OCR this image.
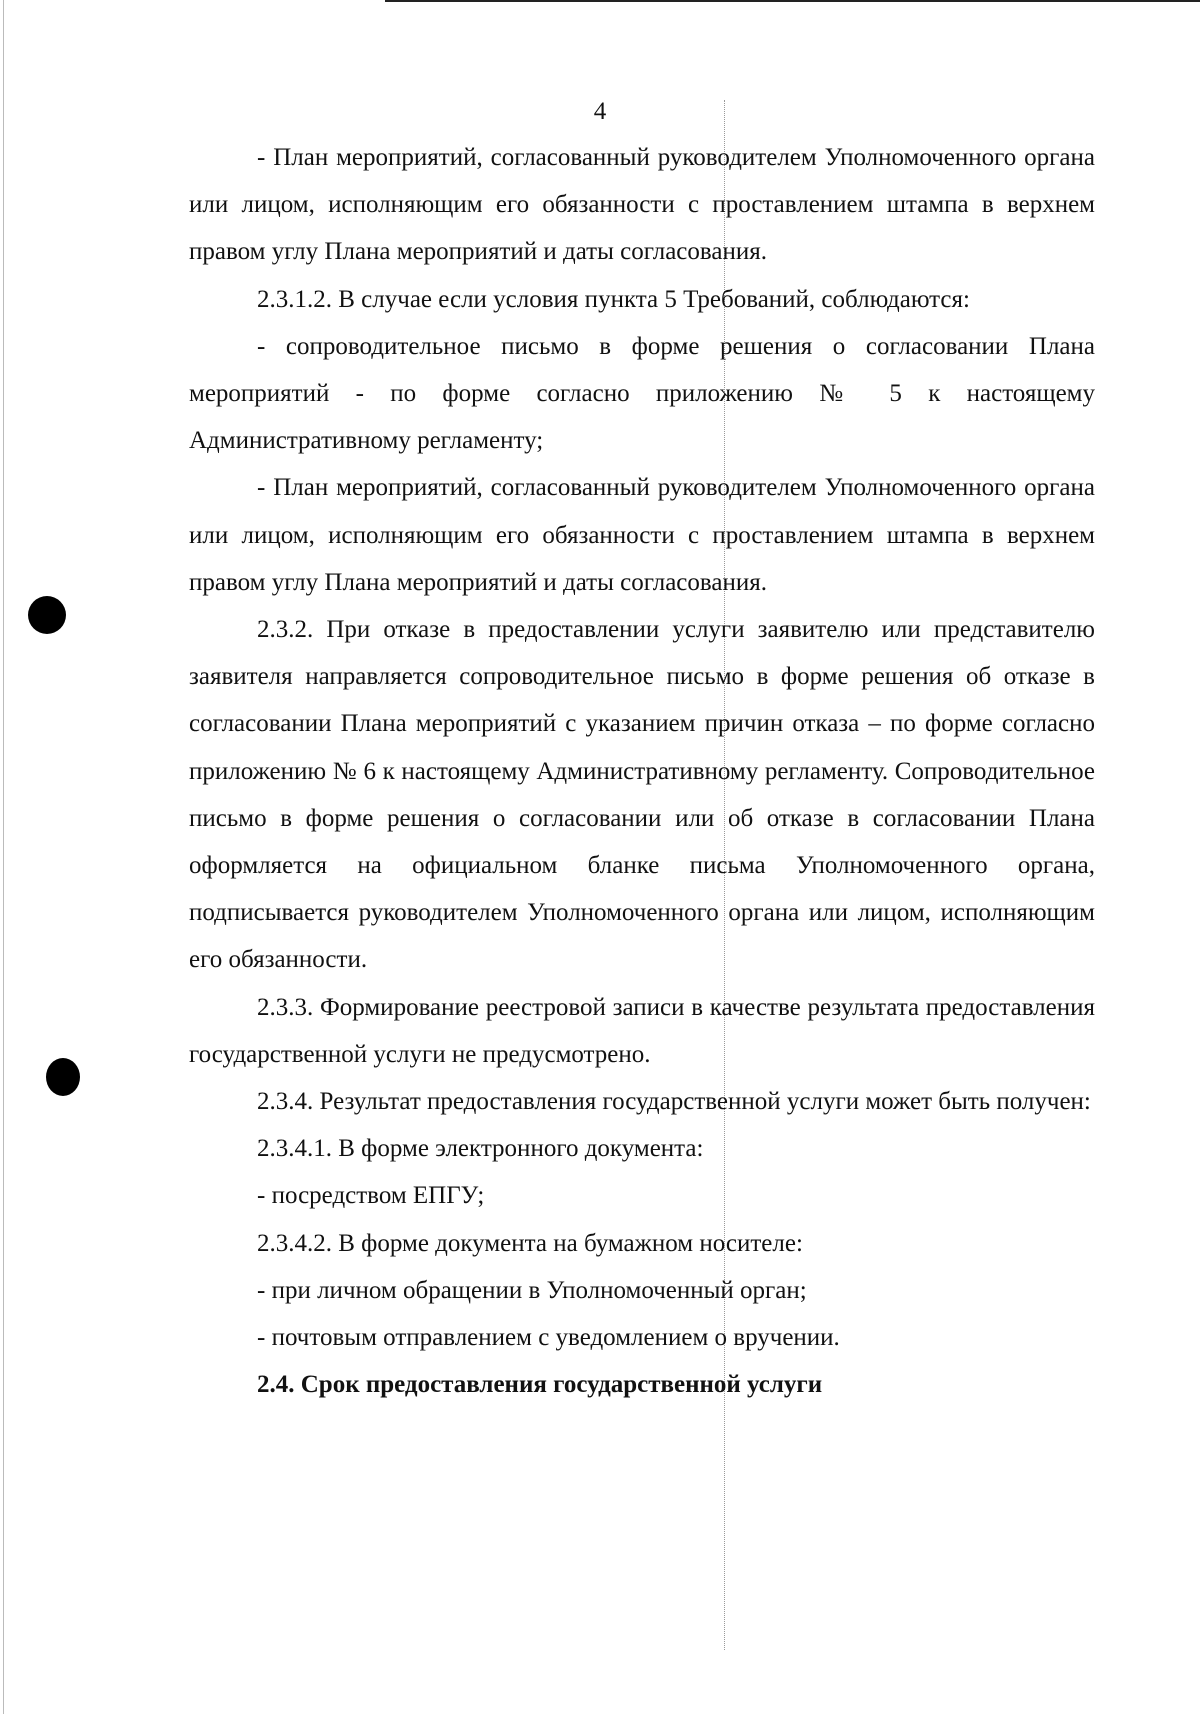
4

- План мероприятий, согласованный руководителем Уполномоченного органа или лицом, исполняющим его обязанности с проставлением штампа в верхнем правом углу Плана мероприятий и даты согласования.

2.3.1.2. В случае если условия пункта 5 Требований, соблюдаются:

- сопроводительное письмо в форме решения о согласовании Плана мероприятий - по форме согласно приложению № 5 к настоящему Административному регламенту;

- План мероприятий, согласованный руководителем Уполномоченного органа или лицом, исполняющим его обязанности с проставлением штампа в верхнем правом углу Плана мероприятий и даты согласования.

2.3.2. При отказе в предоставлении услуги заявителю или представителю заявителя направляется сопроводительное письмо в форме решения об отказе в согласовании Плана мероприятий с указанием причин отказа – по форме согласно приложению № 6 к настоящему Административному регламенту. Сопроводительное письмо в форме решения о согласовании или об отказе в согласовании Плана оформляется на официальном бланке письма Уполномоченного органа, подписывается руководителем Уполномоченного органа или лицом, исполняющим его обязанности.

2.3.3. Формирование реестровой записи в качестве результата предоставления государственной услуги не предусмотрено.

2.3.4. Результат предоставления государственной услуги может быть получен:

2.3.4.1. В форме электронного документа:

- посредством ЕПГУ;

2.3.4.2. В форме документа на бумажном носителе:

- при личном обращении в Уполномоченный орган;

- почтовым отправлением с уведомлением о вручении.

2.4. Срок предоставления государственной услуги
